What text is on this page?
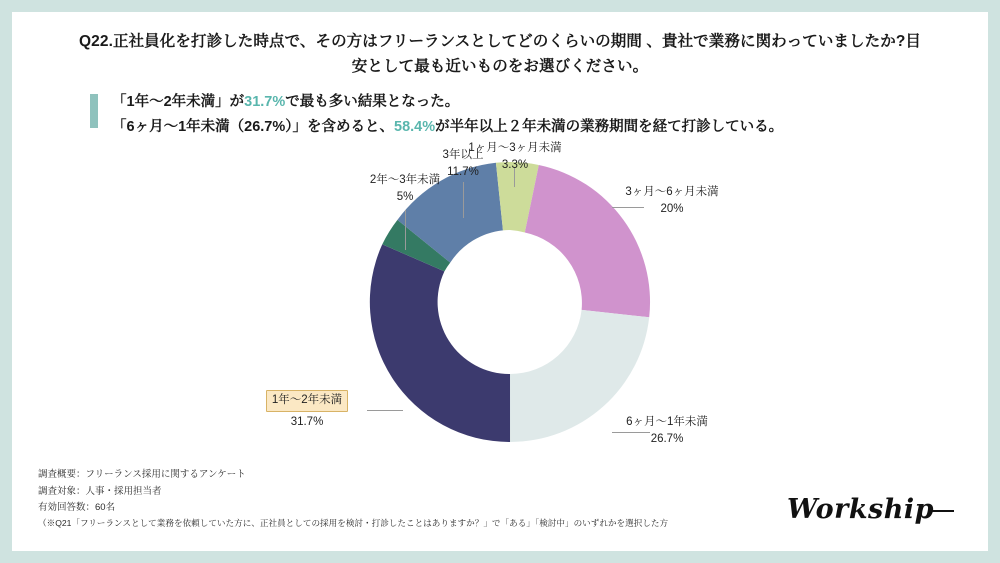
Q22.正社員化を打診した時点で、その方はフリーランスとしてどのくらいの期間 、貴社で業務に関わっていましたか?目安として最も近いものをお選びください。
「1年〜2年未満」が31.7%で最も多い結果となった。
「6ヶ月〜1年未満（26.7%）」を含めると、58.4%が半年以上２年未満の業務期間を経て打診している。
1ヶ月〜3ヶ月未満
3.3%
3ヶ月〜6ヶ月未満
20%
6ヶ月〜1年未満
26.7%
1年〜2年未満
31.7%
2年〜3年未満
5%
3年以上
11.7%
調査概要：フリーランス採用に関するアンケート
調査対象：人事・採用担当者
有効回答数：60名
（※Q21「フリーランスとして業務を依頼していた方に、正社員としての採用を検討・打診したことはありますか？」で「ある」「検討中」のいずれかを選択した方	Workship
